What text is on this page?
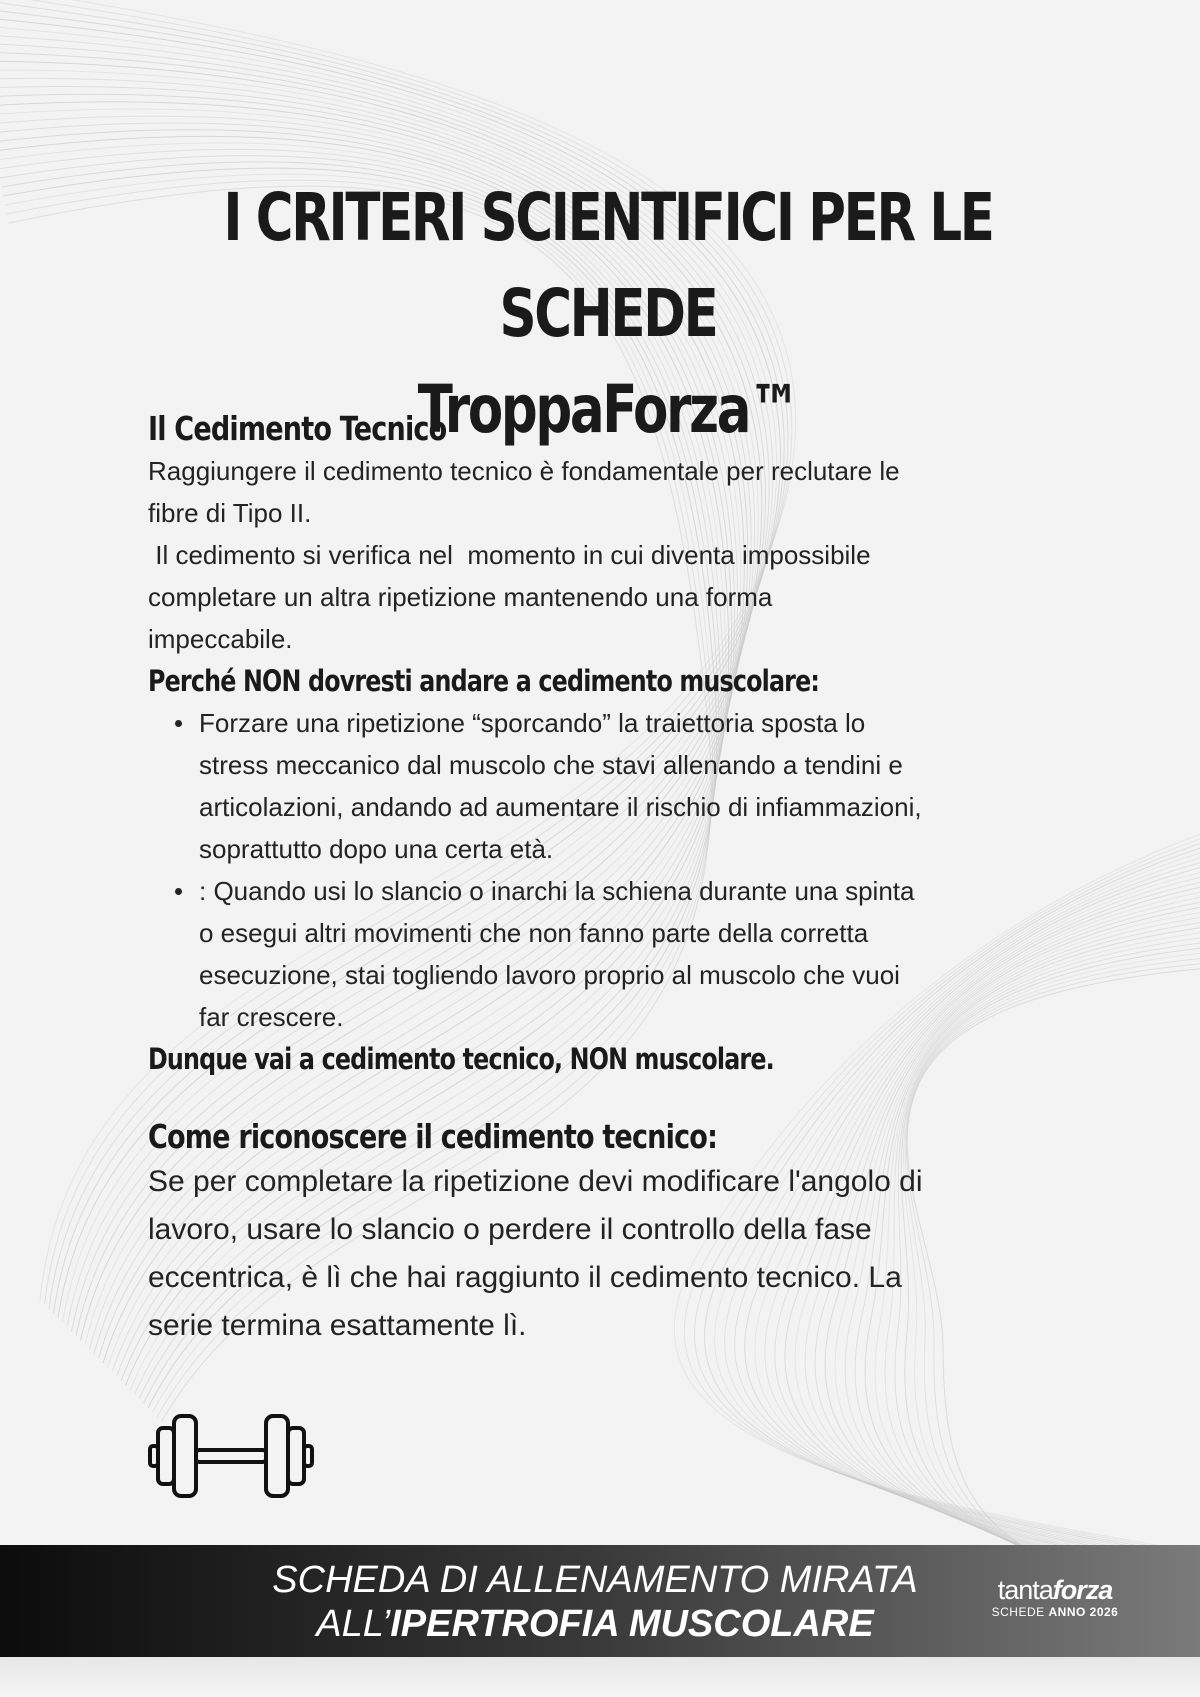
I CRITERI SCIENTIFICI PER LE SCHEDE
TroppaForza™
Il Cedimento Tecnico

Raggiungere il cedimento tecnico è fondamentale per reclutare le

fibre di Tipo II.

Il cedimento si verifica nel  momento in cui diventa impossibile

completare un altra ripetizione mantenendo una forma

impeccabile.

Perché NON dovresti andare a cedimento muscolare:
Forzare una ripetizione “sporcando” la traiettoria sposta lo
stress meccanico dal muscolo che stavi allenando a tendini e
articolazioni, andando ad aumentare il rischio di infiammazioni,
soprattutto dopo una certa età.
: Quando usi lo slancio o inarchi la schiena durante una spinta
o esegui altri movimenti che non fanno parte della corretta
esecuzione, stai togliendo lavoro proprio al muscolo che vuoi
far crescere.
Dunque vai a cedimento tecnico, NON muscolare.
Come riconoscere il cedimento tecnico:

Se per completare la ripetizione devi modificare l'angolo di

lavoro, usare lo slancio o perdere il controllo della fase

eccentrica, è lì che hai raggiunto il cedimento tecnico. La

serie termina esattamente lì.

SCHEDA DI ALLENAMENTO MIRATA
ALL’IPERTROFIA MUSCOLARE
tantaforza
SCHEDE ANNO 2026
